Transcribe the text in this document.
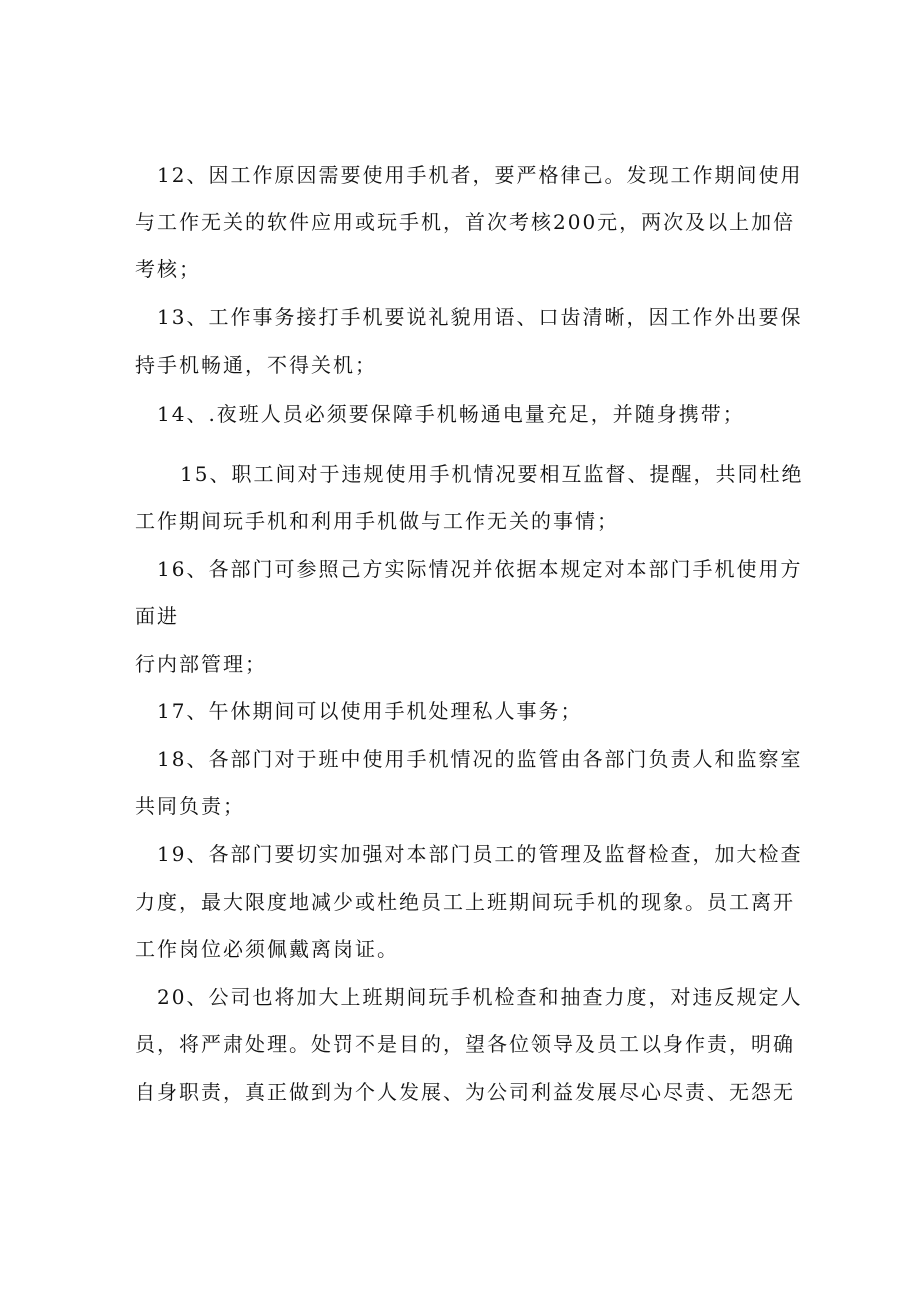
12、因工作原因需要使用手机者，要严格律己。发现工作期间使用
与工作无关的软件应用或玩手机，首次考核200元，两次及以上加倍
考核；
13、工作事务接打手机要说礼貌用语、口齿清晰，因工作外出要保
持手机畅通，不得关机；
14、.夜班人员必须要保障手机畅通电量充足，并随身携带；
15、职工间对于违规使用手机情况要相互监督、提醒，共同杜绝
工作期间玩手机和利用手机做与工作无关的事情；
16、各部门可参照己方实际情况并依据本规定对本部门手机使用方
面进
行内部管理；
17、午休期间可以使用手机处理私人事务；
18、各部门对于班中使用手机情况的监管由各部门负责人和监察室
共同负责；
19、各部门要切实加强对本部门员工的管理及监督检查，加大检查
力度，最大限度地减少或杜绝员工上班期间玩手机的现象。员工离开
工作岗位必须佩戴离岗证。
20、公司也将加大上班期间玩手机检查和抽查力度，对违反规定人
员，将严肃处理。处罚不是目的，望各位领导及员工以身作责，明确
自身职责，真正做到为个人发展、为公司利益发展尽心尽责、无怨无
